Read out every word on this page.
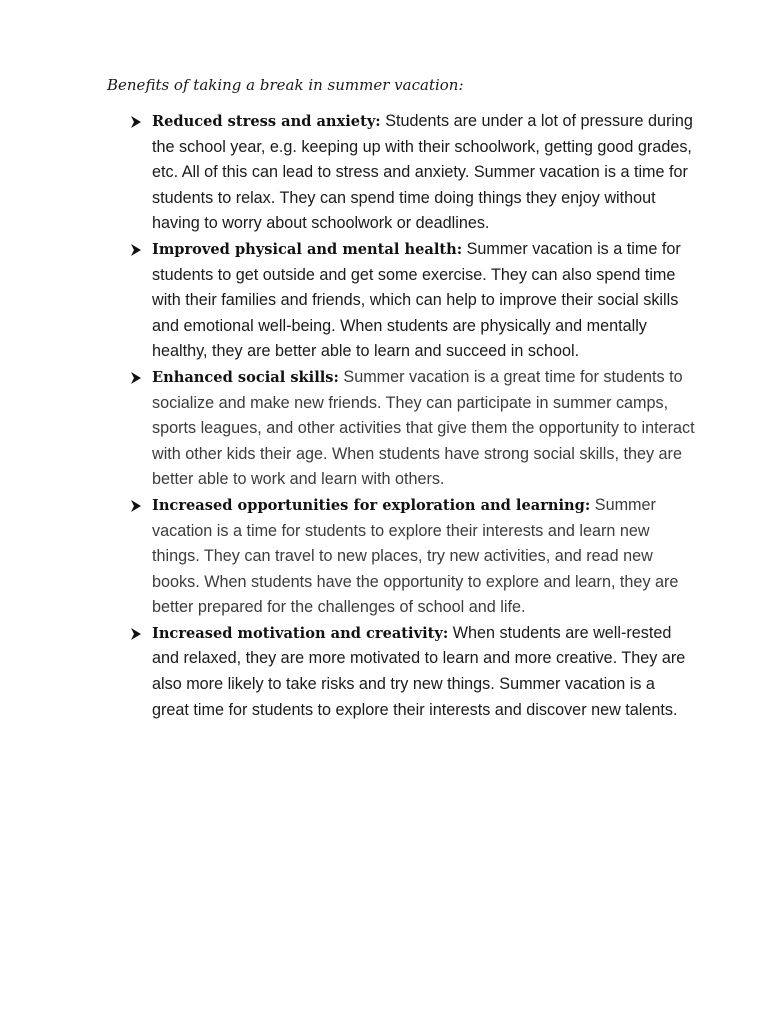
Benefits of taking a break in summer vacation:

Reduced stress and anxiety: Students are under a lot of pressure during the school year, e.g. keeping up with their schoolwork, getting good grades, etc. All of this can lead to stress and anxiety. Summer vacation is a time for students to relax. They can spend time doing things they enjoy without having to worry about schoolwork or deadlines.
Improved physical and mental health: Summer vacation is a time for students to get outside and get some exercise. They can also spend time with their families and friends, which can help to improve their social skills and emotional well-being. When students are physically and mentally healthy, they are better able to learn and succeed in school.
Enhanced social skills: Summer vacation is a great time for students to socialize and make new friends. They can participate in summer camps, sports leagues, and other activities that give them the opportunity to interact with other kids their age. When students have strong social skills, they are better able to work and learn with others.
Increased opportunities for exploration and learning: Summer vacation is a time for students to explore their interests and learn new things. They can travel to new places, try new activities, and read new books. When students have the opportunity to explore and learn, they are better prepared for the challenges of school and life.
Increased motivation and creativity: When students are well-rested and relaxed, they are more motivated to learn and more creative. They are also more likely to take risks and try new things. Summer vacation is a great time for students to explore their interests and discover new talents.
